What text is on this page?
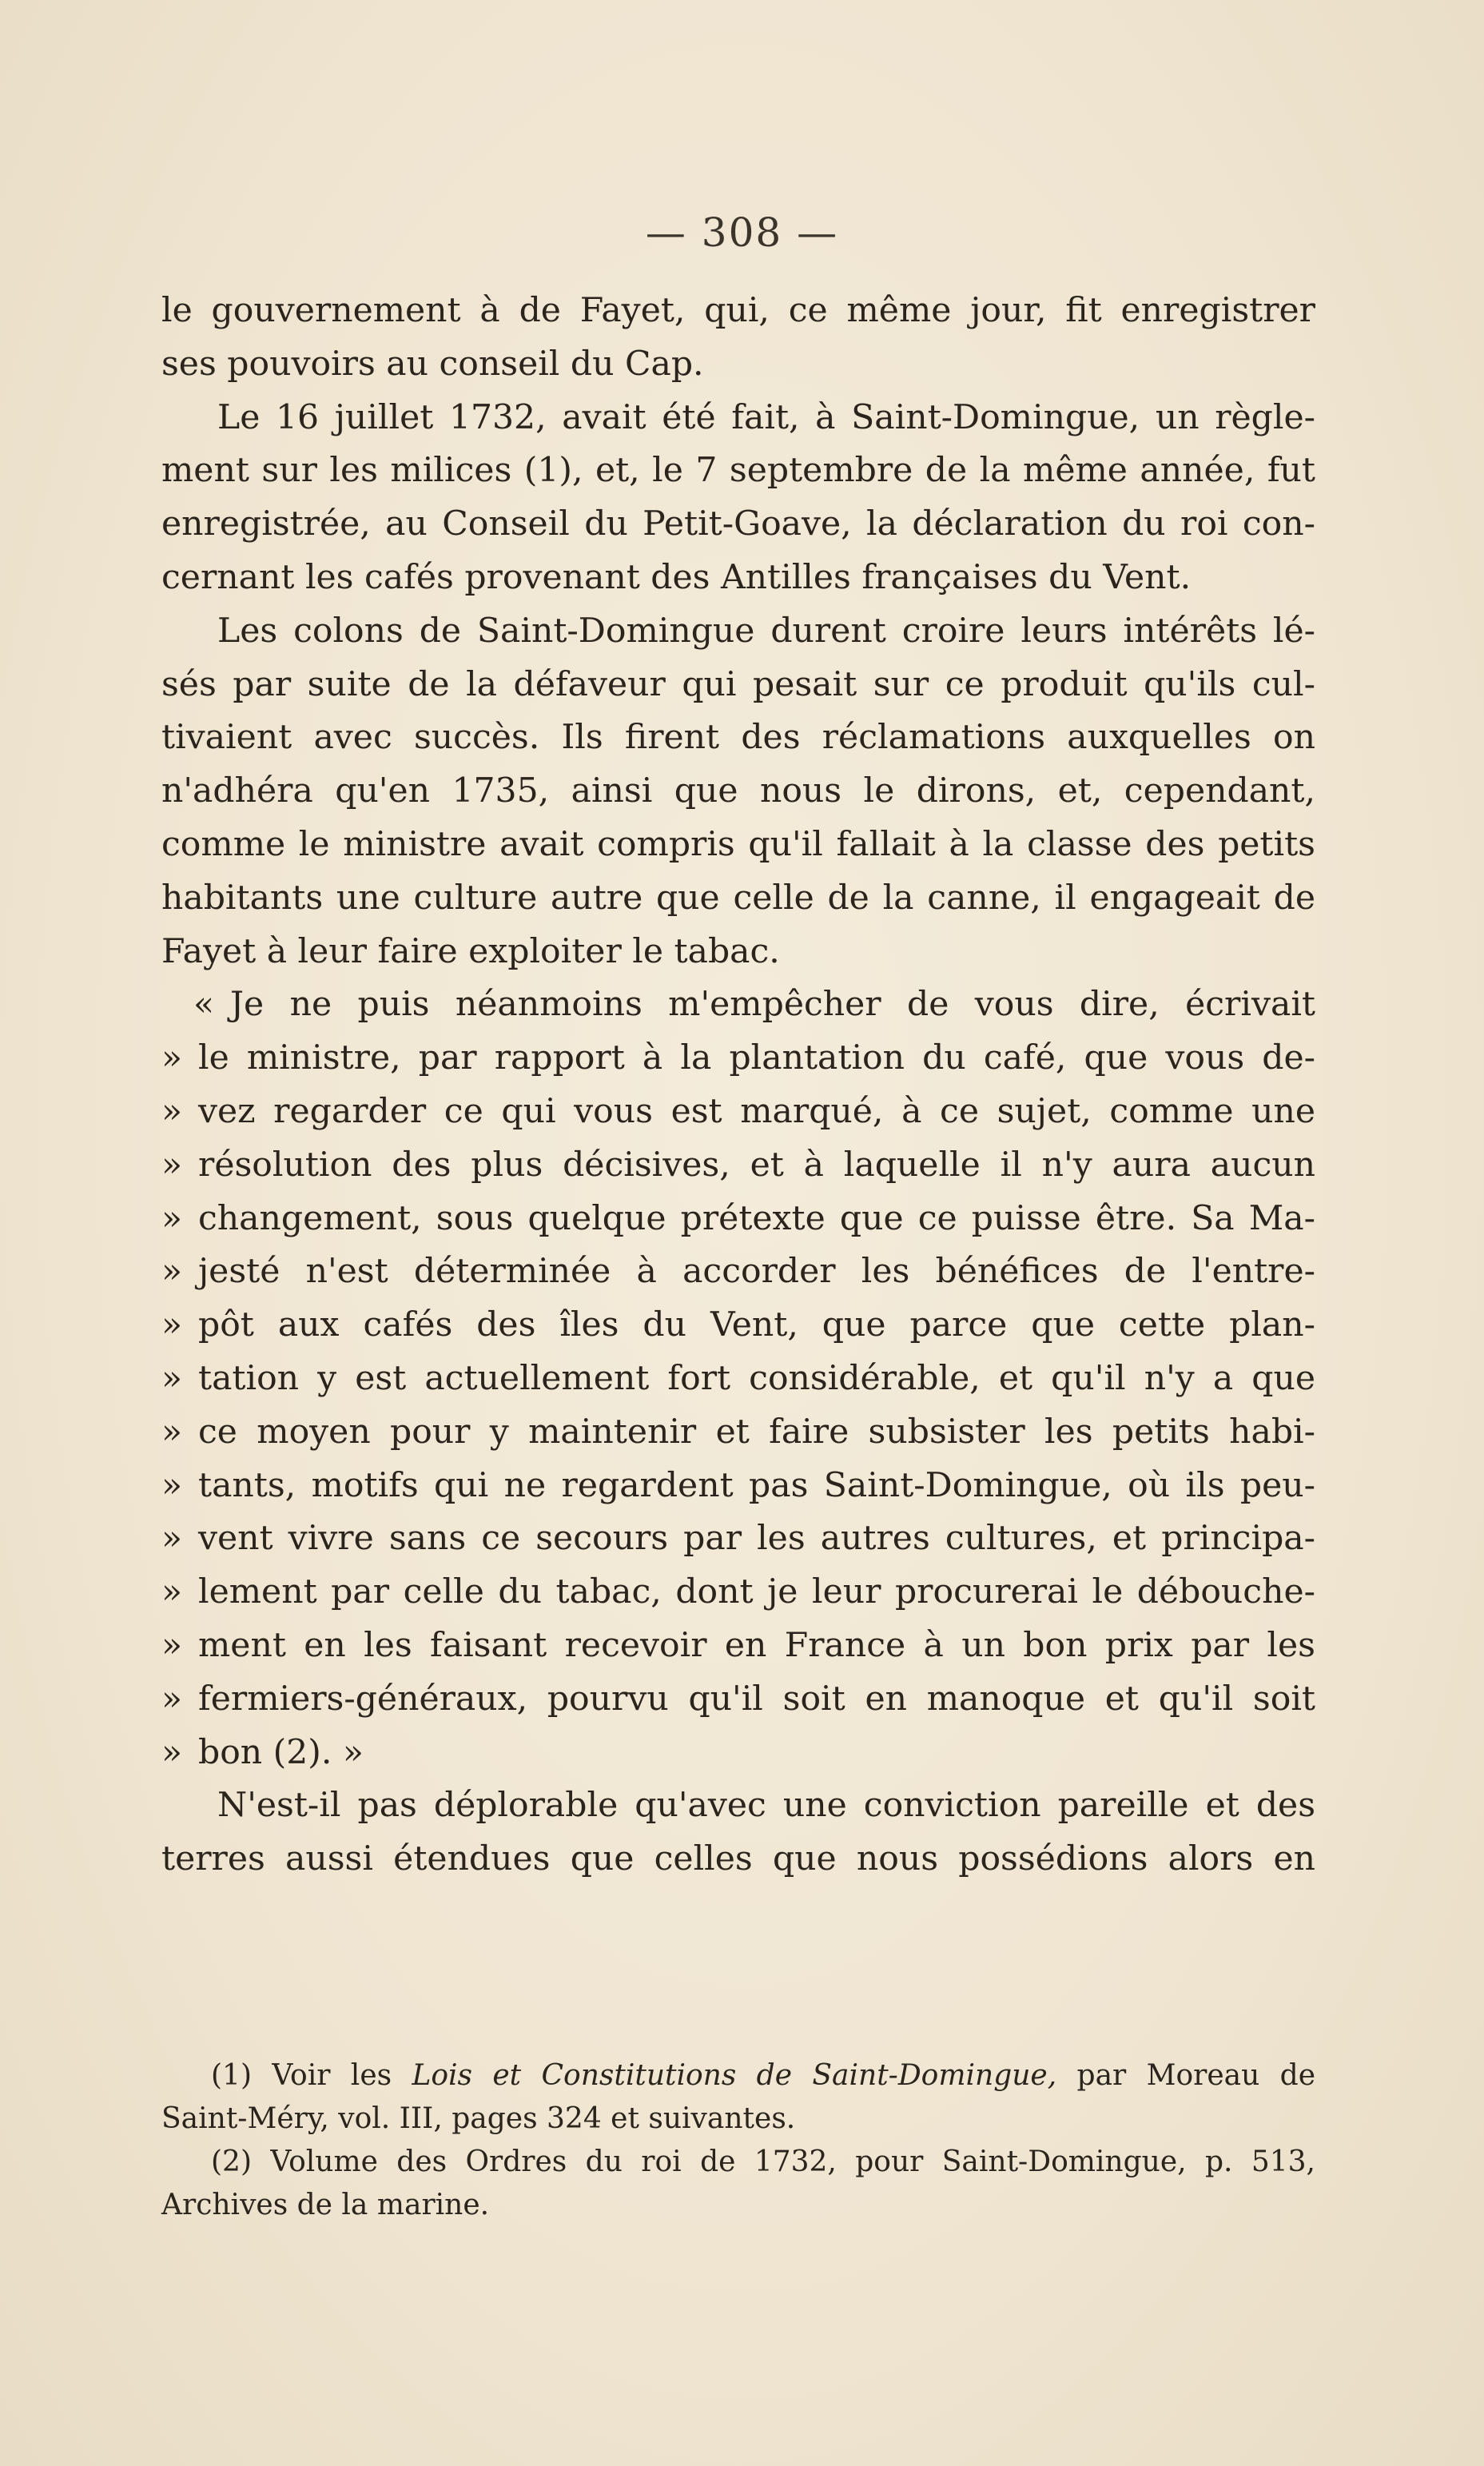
— 308 —
le gouvernement à de Fayet, qui, ce même jour, fit enregistrer
ses pouvoirs au conseil du Cap.
Le 16 juillet 1732, avait été fait, à Saint-Domingue, un règle-
ment sur les milices (1), et, le 7 septembre de la même année, fut
enregistrée, au Conseil du Petit-Goave, la déclaration du roi con-
cernant les cafés provenant des Antilles françaises du Vent.
Les colons de Saint-Domingue durent croire leurs intérêts lé-
sés par suite de la défaveur qui pesait sur ce produit qu'ils cul-
tivaient avec succès. Ils firent des réclamations auxquelles on
n'adhéra qu'en 1735, ainsi que nous le dirons, et, cependant,
comme le ministre avait compris qu'il fallait à la classe des petits
habitants une culture autre que celle de la canne, il engageait de
Fayet à leur faire exploiter le tabac.
« Je ne puis néanmoins m'empêcher de vous dire, écrivait
» le ministre, par rapport à la plantation du café, que vous de-
» vez regarder ce qui vous est marqué, à ce sujet, comme une
» résolution des plus décisives, et à laquelle il n'y aura aucun
» changement, sous quelque prétexte que ce puisse être. Sa Ma-
» jesté n'est déterminée à accorder les bénéfices de l'entre-
» pôt aux cafés des îles du Vent, que parce que cette plan-
» tation y est actuellement fort considérable, et qu'il n'y a que
» ce moyen pour y maintenir et faire subsister les petits habi-
» tants, motifs qui ne regardent pas Saint-Domingue, où ils peu-
» vent vivre sans ce secours par les autres cultures, et principa-
» lement par celle du tabac, dont je leur procurerai le débouche-
» ment en les faisant recevoir en France à un bon prix par les
» fermiers-généraux, pourvu qu'il soit en manoque et qu'il soit
» bon (2). »
N'est-il pas déplorable qu'avec une conviction pareille et des
terres aussi étendues que celles que nous possédions alors en
(1) Voir les Lois et Constitutions de Saint-Domingue, par Moreau de
Saint-Méry, vol. III, pages 324 et suivantes.
(2) Volume des Ordres du roi de 1732, pour Saint-Domingue, p. 513,
Archives de la marine.
